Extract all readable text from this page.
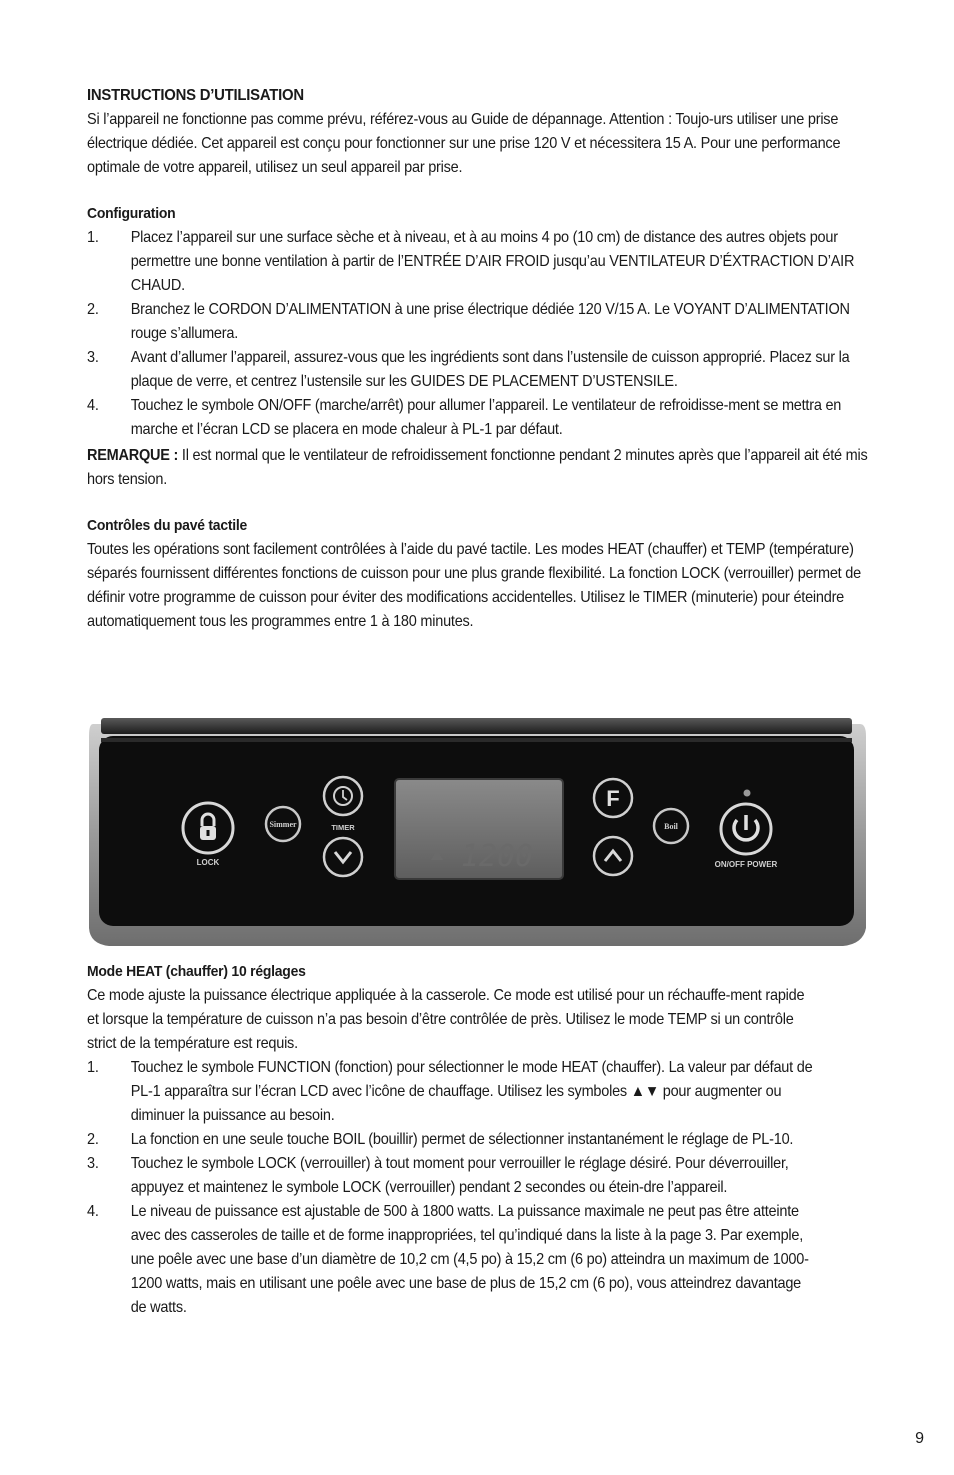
INSTRUCTIONS D’UTILISATION

Si l’appareil ne fonctionne pas comme prévu, référez-vous au Guide de dépannage. Attention : Toujo-urs utiliser une prise électrique dédiée. Cet appareil est conçu pour fonctionner sur une prise 120 V et nécessitera 15 A. Pour une performance optimale de votre appareil, utilisez un seul appareil par prise.

Configuration
1. Placez l’appareil sur une surface sèche et à niveau, et à au moins 4 po (10 cm) de distance des autres objets pour permettre une bonne ventilation à partir de l’ENTRÉE D’AIR FROID jusqu’au VENTILATEUR D’ÉXTRACTION D’AIR CHAUD.
2. Branchez le CORDON D’ALIMENTATION à une prise électrique dédiée 120 V/15 A. Le VOYANT D’ALIMENTATION rouge s’allumera.
3. Avant d’allumer l’appareil, assurez-vous que les ingrédients sont dans l’ustensile de cuisson approprié. Placez sur la plaque de verre, et centrez l’ustensile sur les GUIDES DE PLACEMENT D’USTENSILE.
4. Touchez le symbole ON/OFF (marche/arrêt) pour allumer l’appareil. Le ventilateur de refroidisse-ment se mettra en marche et l’écran LCD se placera en mode chaleur à PL-1 par défaut.

REMARQUE : Il est normal que le ventilateur de refroidissement fonctionne pendant 2 minutes après que l’appareil ait été mis hors tension.

Contrôles du pavé tactile

Toutes les opérations sont facilement contrôlées à l’aide du pavé tactile. Les modes HEAT (chauffer) et TEMP (température) séparés fournissent différentes fonctions de cuisson pour une plus grande flexibilité. La fonction LOCK (verrouiller) permet de définir votre programme de cuisson pour éviter des modifications accidentelles. Utilisez le TIMER (minuterie) pour éteindre automatiquement tous les programmes entre 1 à 180 minutes.

LOCK
Simmer	TIMER
1200
F
Boil
ON/OFF POWER
Mode HEAT (chauffer) 10 réglages

Ce mode ajuste la puissance électrique appliquée à la casserole. Ce mode est utilisé pour un réchauffe-ment rapide et lorsque la température de cuisson n’a pas besoin d’être contrôlée de près. Utilisez le mode TEMP si un contrôle strict de la température est requis.

1. Touchez le symbole FUNCTION (fonction) pour sélectionner le mode HEAT (chauffer). La valeur par défaut de PL-1 apparaîtra sur l’écran LCD avec l’icône de chauffage. Utilisez les symboles ▲▼ pour augmenter ou diminuer la puissance au besoin.
2. La fonction en une seule touche BOIL (bouillir) permet de sélectionner instantanément le réglage de PL-10.
3. Touchez le symbole LOCK (verrouiller) à tout moment pour verrouiller le réglage désiré. Pour déverrouiller, appuyez et maintenez le symbole LOCK (verrouiller) pendant 2 secondes ou étein-dre l’appareil.
4. Le niveau de puissance est ajustable de 500 à 1800 watts. La puissance maximale ne peut pas être atteinte avec des casseroles de taille et de forme inappropriées, tel qu’indiqué dans la liste à la page 3. Par exemple, une poêle avec une base d’un diamètre de 10,2 cm (4,5 po) à 15,2 cm (6 po) atteindra un maximum de 1000-1200 watts, mais en utilisant une poêle avec une base de plus de 15,2 cm (6 po), vous atteindrez davantage de watts.
9
